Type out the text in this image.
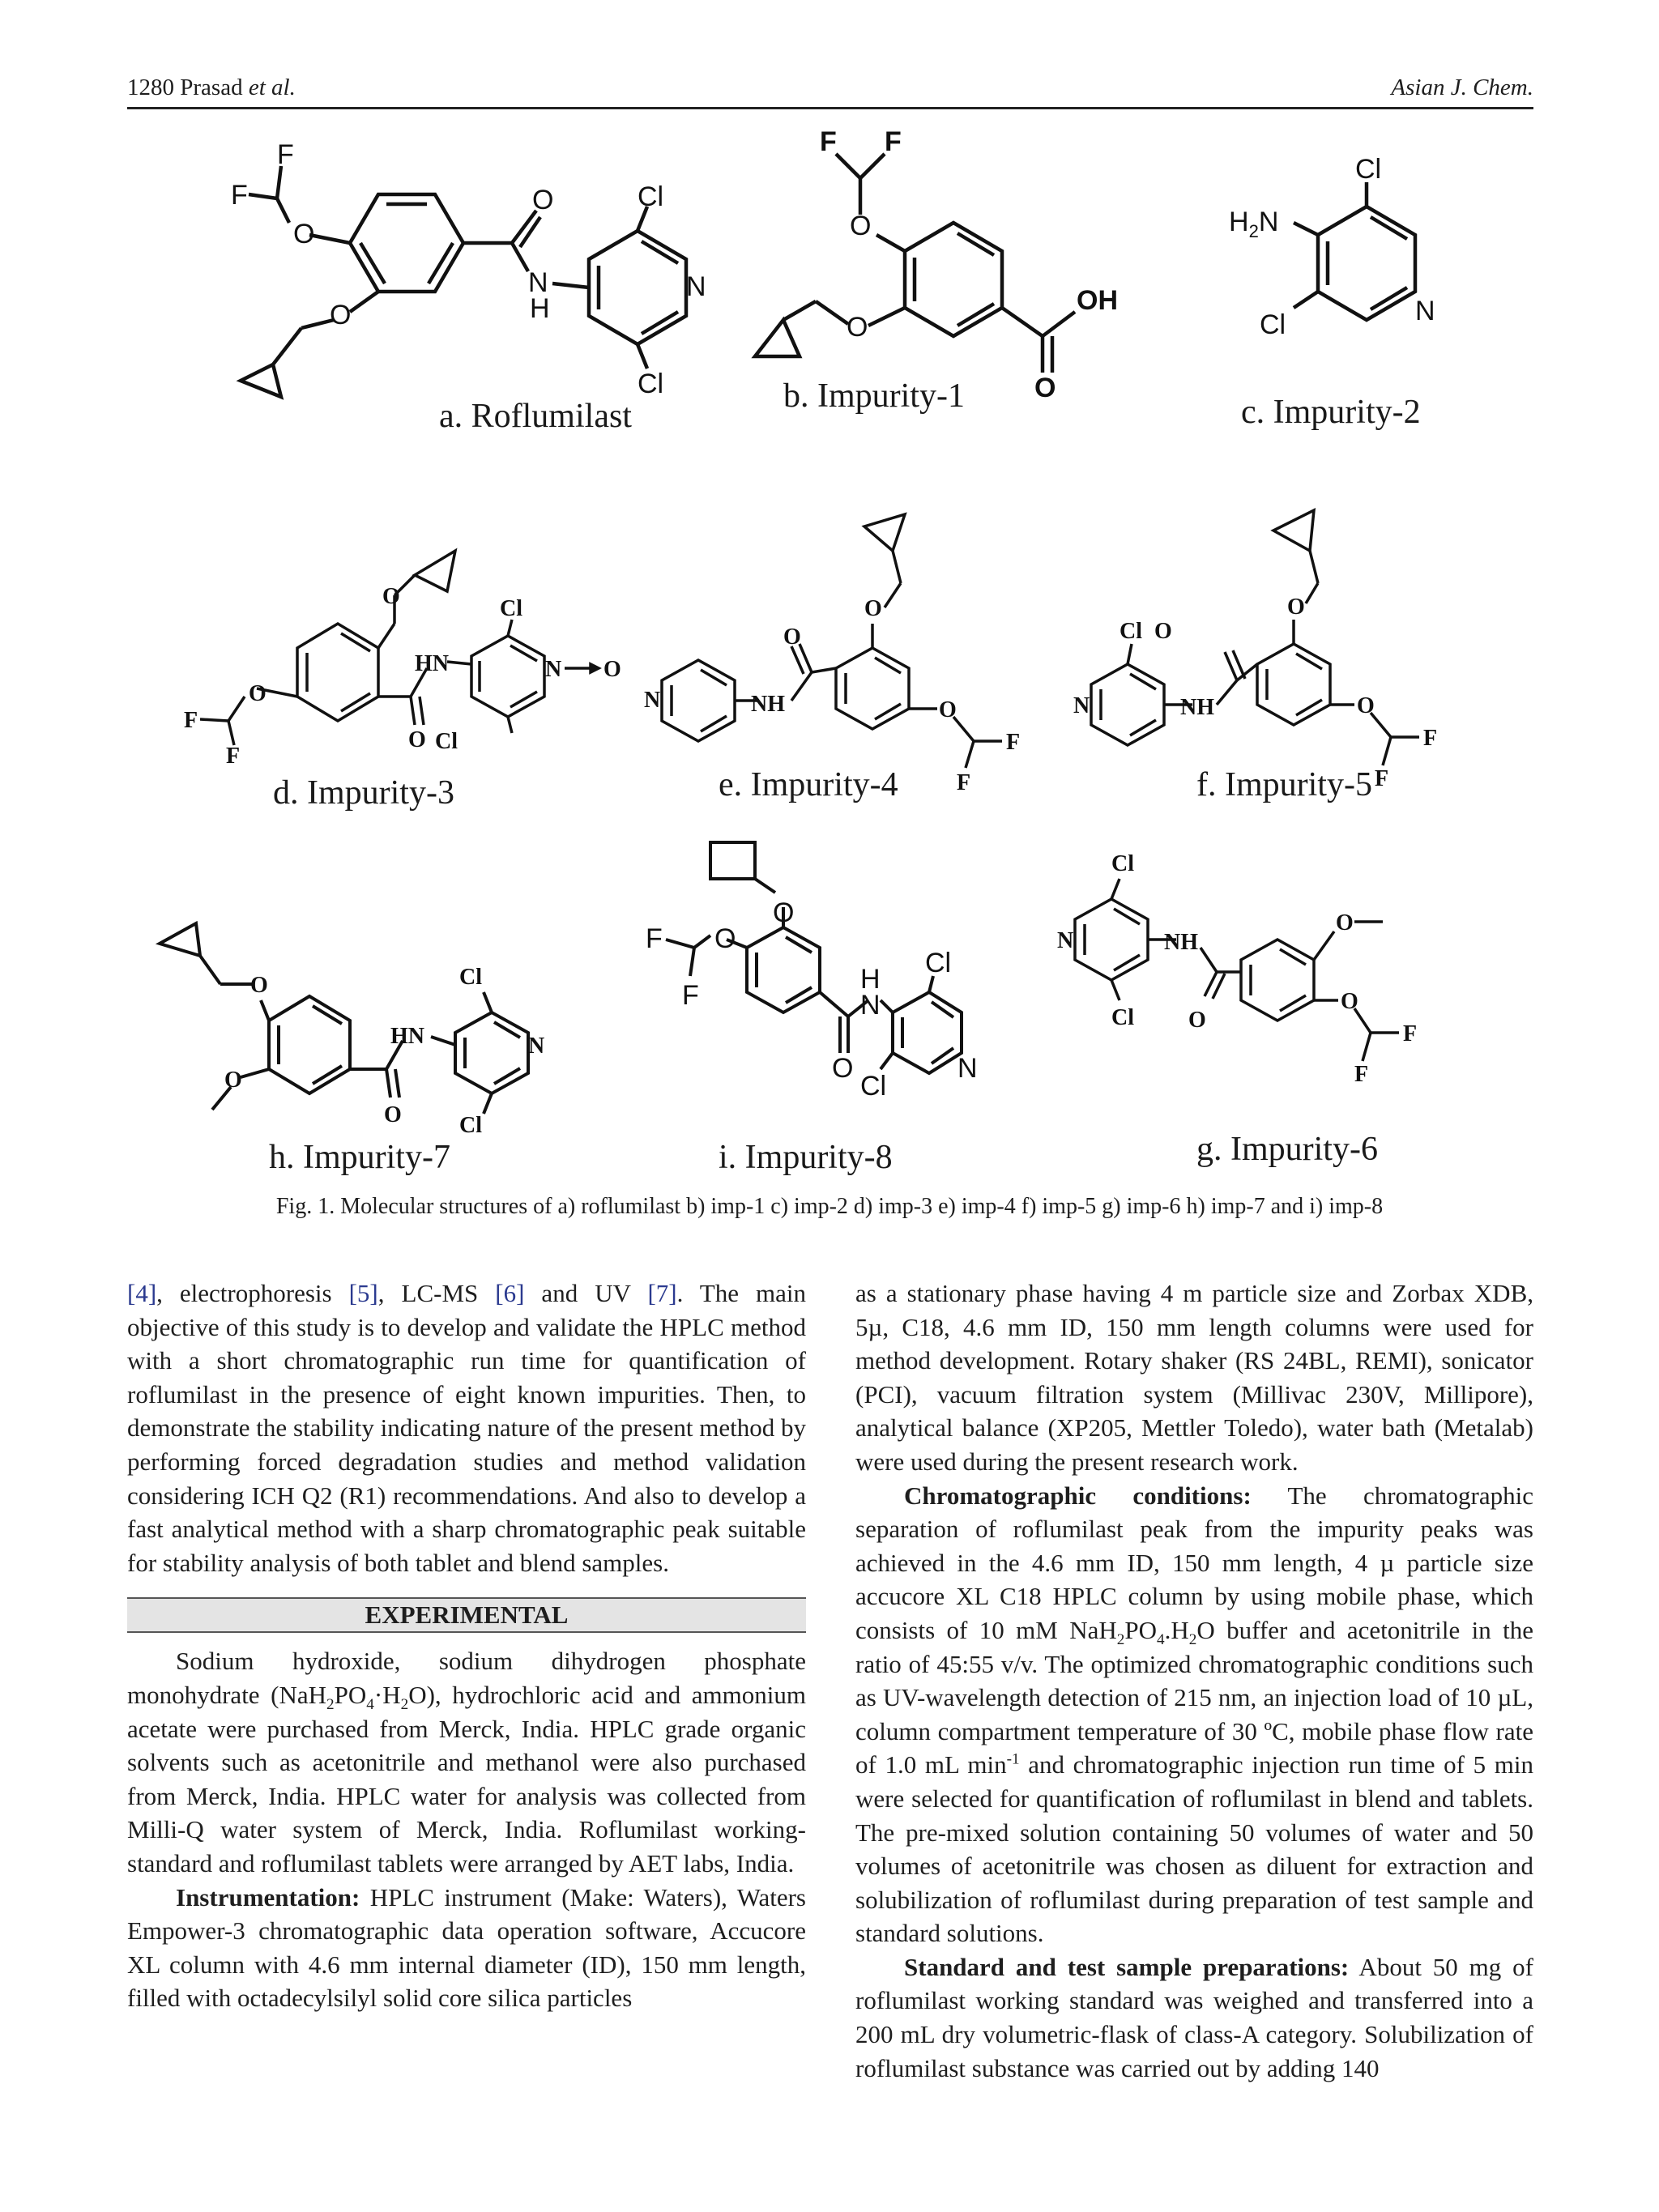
1280 Prasad et al.	Asian J. Chem.
O
O
F
F
O
N
H
Cl
Cl
N
a. Roflumilast
O
O
F F
OH
O
b. Impurity-1
$H_2N$
Cl
Cl	N
c. Impurity-2
O
O
F
F
O
HN
Cl
Cl
N O
d. Impurity-3
N	NH
O
O
O
F
F
e. Impurity-4
N	NH
Cl O
O
O
F
F
f. Impurity-5
O
O
HN
O
Cl
Cl
N
h. Impurity-7
O
O
F
F
H
N
Cl
O
Cl
N
i. Impurity-8
N
Cl
Cl
NH
O
O
O
F
F
g. Impurity-6
Fig. 1. Molecular structures of a) roflumilast b) imp-1 c) imp-2 d) imp-3 e) imp-4 f) imp-5 g) imp-6 h) imp-7 and i) imp-8

[4], electrophoresis [5], LC-MS [6] and UV [7]. The main objective of this study is to develop and validate the HPLC method with a short chromatographic run time for quantification of roflumilast in the presence of eight known impurities. Then, to demonstrate the stability indicating nature of the present method by performing forced degradation studies and method validation considering ICH Q2 (R1) recommendations. And also to develop a fast analytical method with a sharp chromatographic peak suitable for stability analysis of both tablet and blend samples.

EXPERIMENTAL

Sodium hydroxide, sodium dihydrogen phosphate monohydrate $(NaH_2PO_4\cdot H_2O)$, hydrochloric acid and ammonium acetate were purchased from Merck, India. HPLC grade organic solvents such as acetonitrile and methanol were also purchased from Merck, India. HPLC water for analysis was collected from Milli-Q water system of Merck, India. Roflumilast working-standard and roflumilast tablets were arranged by AET labs, India.

Instrumentation: HPLC instrument (Make: Waters), Waters Empower-3 chromatographic data operation software, Accucore XL column with 4.6 mm internal diameter (ID), 150 mm length, filled with octadecylsilyl solid core silica particles

as a stationary phase having 4 m particle size and Zorbax XDB, 5µ, C18, 4.6 mm ID, 150 mm length columns were used for method development. Rotary shaker (RS 24BL, REMI), sonicator (PCI), vacuum filtration system (Millivac 230V, Millipore), analytical balance (XP205, Mettler Toledo), water bath (Metalab) were used during the present research work.

Chromatographic conditions: The chromatographic separation of roflumilast peak from the impurity peaks was achieved in the 4.6 mm ID, 150 mm length, 4 µ particle size accucore XL C18 HPLC column by using mobile phase, which consists of 10 mM $NaH_2PO_4.H_2O$ buffer and acetonitrile in the ratio of 45:55 v/v. The optimized chromatographic conditions such as UV-wavelength detection of 215 nm, an injection load of 10 µL, column compartment temperature of 30 ºC, mobile phase flow rate of 1.0 mL $\min^{-1}$ and chromatographic injection run time of 5 min were selected for quantification of roflumilast in blend and tablets. The pre-mixed solution containing 50 volumes of water and 50 volumes of acetonitrile was chosen as diluent for extraction and solubilization of roflumilast during preparation of test sample and standard solutions.

Standard and test sample preparations: About 50 mg of roflumilast working standard was weighed and transferred into a 200 mL dry volumetric-flask of class-A category. Solubilization of roflumilast substance was carried out by adding 140
